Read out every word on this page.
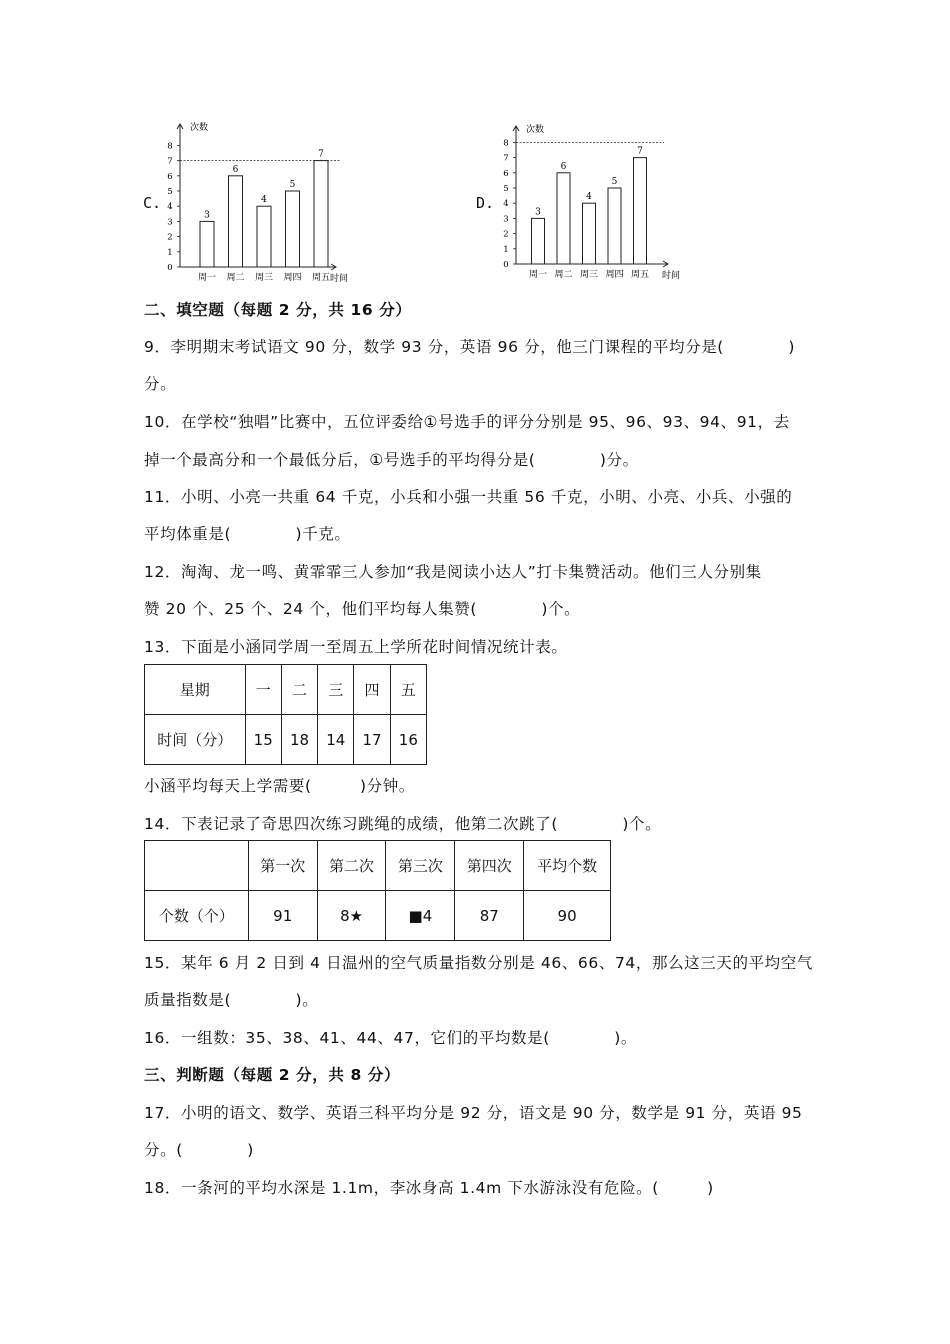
C.
次数
0
1
2
3
4
5
6
7
8
3
周一
6
周二
4
周三
5
周四
7
周五 时间
D.
次数
0
1
2
3
4
5
6
7
8
3
周一
6
周二
4
周三
5
周四
7
周五 时间
二、填空题（每题 2 分，共 16 分）
9．李明期末考试语文 90 分，数学 93 分，英语 96 分，他三门课程的平均分是(　　　　)
分。
10．在学校“独唱”比赛中，五位评委给①号选手的评分分别是 95、96、93、94、91，去
掉一个最高分和一个最低分后，①号选手的平均得分是(　　　　)分。
11．小明、小亮一共重 64 千克，小兵和小强一共重 56 千克，小明、小亮、小兵、小强的
平均体重是(　　　　)千克。
12．淘淘、龙一鸣、黄霏霏三人参加“我是阅读小达人”打卡集赞活动。他们三人分别集
赞 20 个、25 个、24 个，他们平均每人集赞(　　　　)个。
13．下面是小涵同学周一至周五上学所花时间情况统计表。
星期	一	二	三	四	五
时间（分）	15	18	14	17	16
小涵平均每天上学需要(　　　)分钟。
14．下表记录了奇思四次练习跳绳的成绩，他第二次跳了(　　　　)个。
	第一次	第二次	第三次	第四次	平均个数
个数（个）	91	8★	■4	87	90
15．某年 6 月 2 日到 4 日温州的空气质量指数分别是 46、66、74，那么这三天的平均空气
质量指数是(　　　　)。
16．一组数：35、38、41、44、47，它们的平均数是(　　　　)。
三、判断题（每题 2 分，共 8 分）
17．小明的语文、数学、英语三科平均分是 92 分，语文是 90 分，数学是 91 分，英语 95
分。(　　　　)
18．一条河的平均水深是 1.1m，李冰身高 1.4m 下水游泳没有危险。(　　　)
